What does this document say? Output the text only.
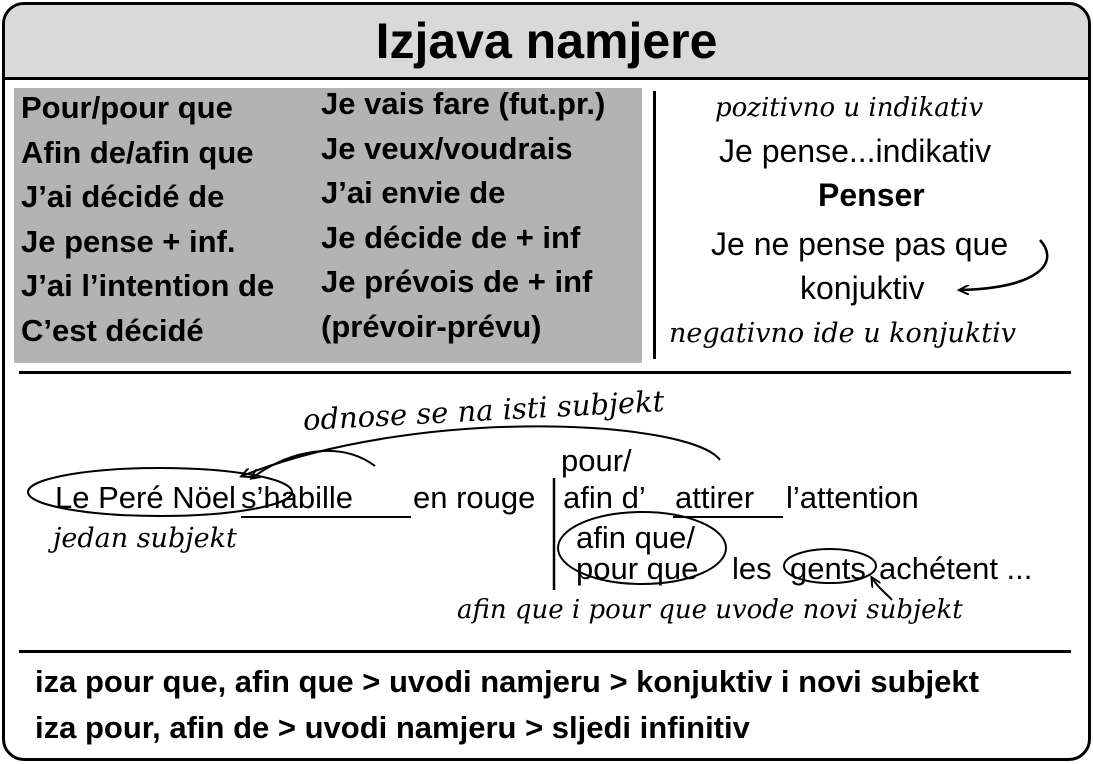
Izjava namjere
Pour/pour que
Afin de/afin que
J’ai décidé de
Je pense + inf.
J’ai l’intention de
C’est décidé
Je vais fare (fut.pr.)
Je veux/voudrais
J’ai envie de
Je décide de + inf
Je prévois de + inf
(prévoir-prévu)
pozitivno u indikativ
Je pense...indikativ
Penser
Je ne pense pas que
konjuktiv
negativno ide u konjuktiv
odnose se na isti subjekt
pour/
Le Peré Nöel s’habille en rouge afin d’ attirer l’attention
jedan subjekt	afin que/
pour que les gents achétent ...
afin que i pour que uvode novi subjekt
iza pour que, afin que > uvodi namjeru > konjuktiv i novi subjekt
iza pour, afin de > uvodi namjeru > sljedi infinitiv
